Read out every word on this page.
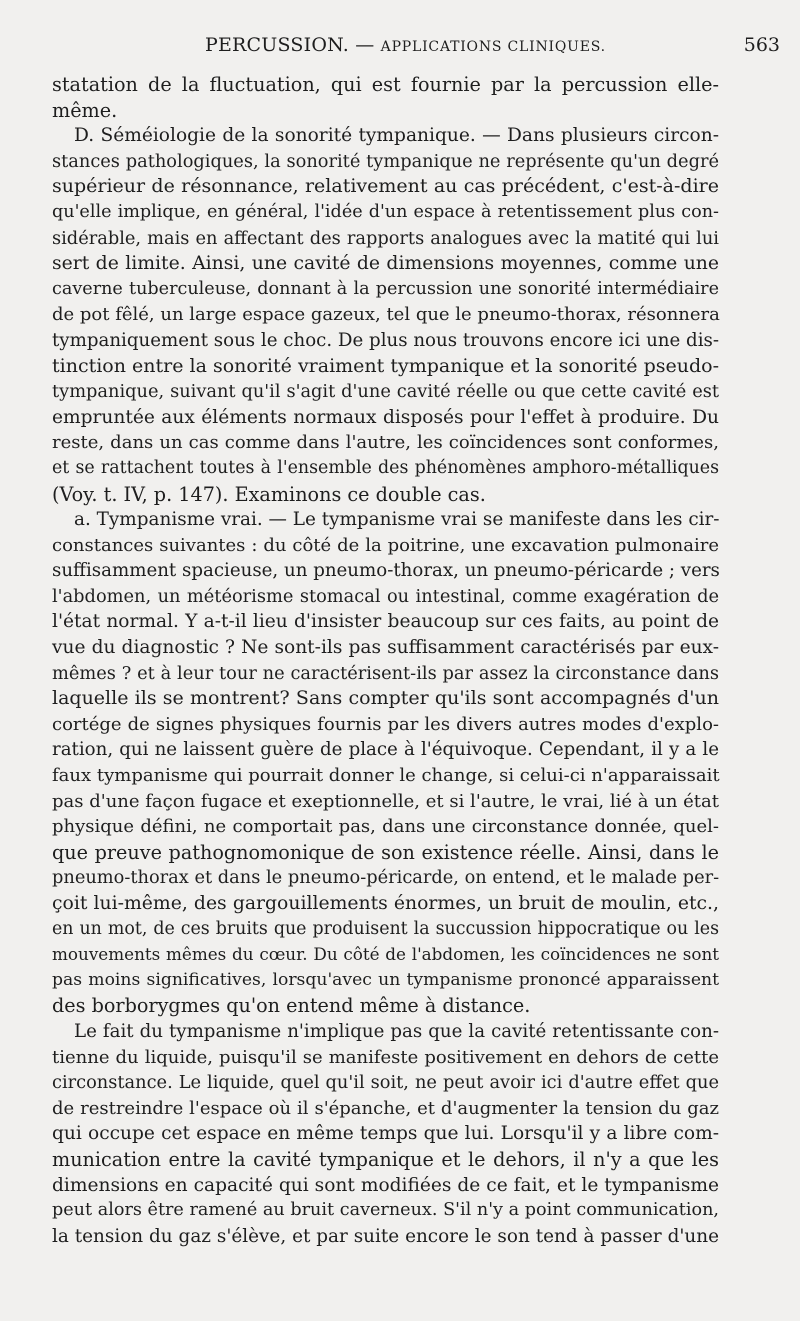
PERCUSSION. — APPLICATIONS CLINIQUES.	563
statation de la fluctuation, qui est fournie par la percussion elle-
même.
D. Séméiologie de la sonorité tympanique. — Dans plusieurs circon-
stances pathologiques, la sonorité tympanique ne représente qu'un degré
supérieur de résonnance, relativement au cas précédent, c'est-à-dire
qu'elle implique, en général, l'idée d'un espace à retentissement plus con-
sidérable, mais en affectant des rapports analogues avec la matité qui lui
sert de limite. Ainsi, une cavité de dimensions moyennes, comme une
caverne tuberculeuse, donnant à la percussion une sonorité intermédiaire
de pot fêlé, un large espace gazeux, tel que le pneumo-thorax, résonnera
tympaniquement sous le choc. De plus nous trouvons encore ici une dis-
tinction entre la sonorité vraiment tympanique et la sonorité pseudo-
tympanique, suivant qu'il s'agit d'une cavité réelle ou que cette cavité est
empruntée aux éléments normaux disposés pour l'effet à produire. Du
reste, dans un cas comme dans l'autre, les coïncidences sont conformes,
et se rattachent toutes à l'ensemble des phénomènes amphoro-métalliques
(Voy. t. IV, p. 147). Examinons ce double cas.
a. Tympanisme vrai. — Le tympanisme vrai se manifeste dans les cir-
constances suivantes : du côté de la poitrine, une excavation pulmonaire
suffisamment spacieuse, un pneumo-thorax, un pneumo-péricarde ; vers
l'abdomen, un météorisme stomacal ou intestinal, comme exagération de
l'état normal. Y a-t-il lieu d'insister beaucoup sur ces faits, au point de
vue du diagnostic ? Ne sont-ils pas suffisamment caractérisés par eux-
mêmes ? et à leur tour ne caractérisent-ils par assez la circonstance dans
laquelle ils se montrent? Sans compter qu'ils sont accompagnés d'un
cortége de signes physiques fournis par les divers autres modes d'explo-
ration, qui ne laissent guère de place à l'équivoque. Cependant, il y a le
faux tympanisme qui pourrait donner le change, si celui-ci n'apparaissait
pas d'une façon fugace et exeptionnelle, et si l'autre, le vrai, lié à un état
physique défini, ne comportait pas, dans une circonstance donnée, quel-
que preuve pathognomonique de son existence réelle. Ainsi, dans le
pneumo-thorax et dans le pneumo-péricarde, on entend, et le malade per-
çoit lui-même, des gargouillements énormes, un bruit de moulin, etc.,
en un mot, de ces bruits que produisent la succussion hippocratique ou les
mouvements mêmes du cœur. Du côté de l'abdomen, les coïncidences ne sont
pas moins significatives, lorsqu'avec un tympanisme prononcé apparaissent
des borborygmes qu'on entend même à distance.
Le fait du tympanisme n'implique pas que la cavité retentissante con-
tienne du liquide, puisqu'il se manifeste positivement en dehors de cette
circonstance. Le liquide, quel qu'il soit, ne peut avoir ici d'autre effet que
de restreindre l'espace où il s'épanche, et d'augmenter la tension du gaz
qui occupe cet espace en même temps que lui. Lorsqu'il y a libre com-
munication entre la cavité tympanique et le dehors, il n'y a que les
dimensions en capacité qui sont modifiées de ce fait, et le tympanisme
peut alors être ramené au bruit caverneux. S'il n'y a point communication,
la tension du gaz s'élève, et par suite encore le son tend à passer d'une
